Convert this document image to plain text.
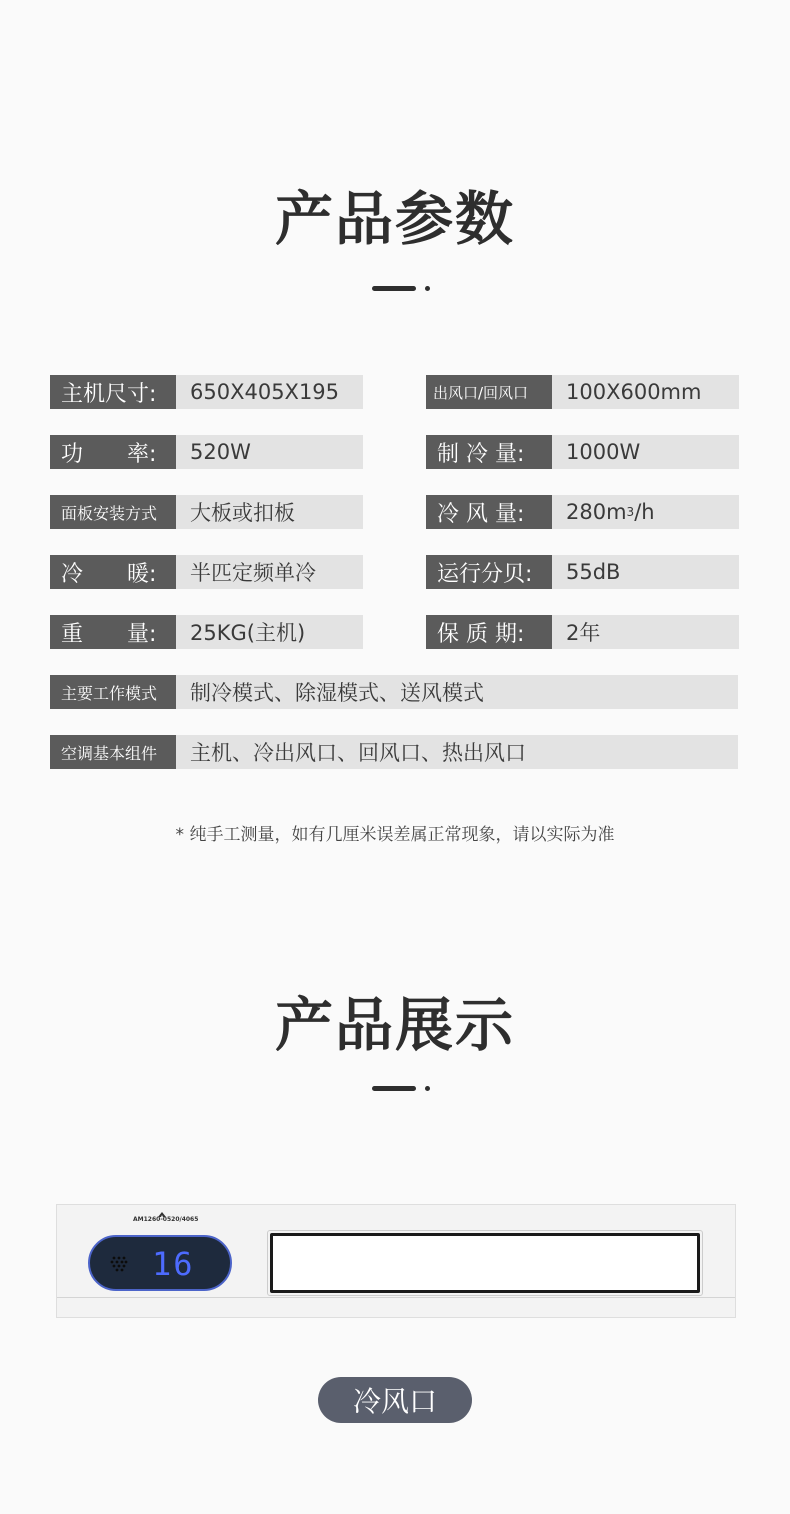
产品参数
主机尺寸:	650X405X195	出风口/回风口	100X600mm
功　　率:	520W	制 冷 量:	1000W
面板安装方式	大板或扣板	冷 风 量:	280m 3 /h
冷　　暖:	半匹定频单冷	运行分贝:	55dB
重　　量:	25KG(主机)	保 质 期:	2年
主要工作模式	制冷模式、除湿模式、送风模式
空调基本组件	主机、冷出风口、回风口、热出风口
* 纯手工测量，如有几厘米误差属正常现象，请以实际为准
产品展示
AM1260-0520/4065
16
冷风口
